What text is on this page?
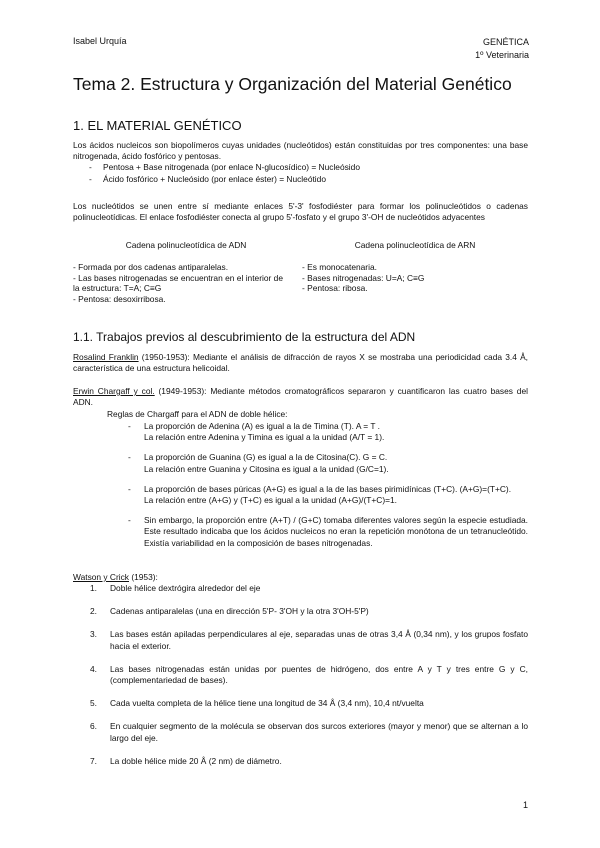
Isabel Urquía	GENÉTICA
1º Veterinaria
Tema 2. Estructura y Organización del Material Genético
1. EL MATERIAL GENÉTICO
Los ácidos nucleicos son biopolímeros cuyas unidades (nucleótidos) están constituidas por tres componentes: una base nitrogenada, ácido fosfórico y pentosas.
- Pentosa + Base nitrogenada (por enlace N-glucosídico) = Nucleósido
- Ácido fosfórico + Nucleósido (por enlace éster) = Nucleótido
Los nucleótidos se unen entre sí mediante enlaces 5'-3' fosfodiéster para formar los polinucleótidos o cadenas polinucleotídicas. El enlace fosfodiéster conecta al grupo 5'-fosfato y el grupo 3'-OH de nucleótidos adyacentes
Cadena polinucleotídica de ADN	Cadena polinucleotídica de ARN
- Formada por dos cadenas antiparalelas.
- Las bases nitrogenadas se encuentran en el interior de la estructura: T=A; C≡G
- Pentosa: desoxirribosa.
- Es monocatenaria.
- Bases nitrogenadas: U=A; C≡G
- Pentosa: ribosa.
1.1. Trabajos previos al descubrimiento de la estructura del ADN
Rosalind Franklin (1950-1953): Mediante el análisis de difracción de rayos X se mostraba una periodicidad cada 3.4 Å, característica de una estructura helicoidal.
Erwin Chargaff y col. (1949-1953): Mediante métodos cromatográficos separaron y cuantificaron las cuatro bases del ADN.
Reglas de Chargaff para el ADN de doble hélice:
- La proporción de Adenina (A) es igual a la de Timina (T). A = T .
La relación entre Adenina y Timina es igual a la unidad (A/T = 1).
- La proporción de Guanina (G) es igual a la de Citosina(C). G = C.
La relación entre Guanina y Citosina es igual a la unidad (G/C=1).
- La proporción de bases púricas (A+G) es igual a la de las bases pirimidínicas (T+C). (A+G)=(T+C).
La relación entre (A+G) y (T+C) es igual a la unidad (A+G)/(T+C)=1.
- Sin embargo, la proporción entre (A+T) / (G+C) tomaba diferentes valores según la especie estudiada. Este resultado indicaba que los ácidos nucleicos no eran la repetición monótona de un tetranucleótido. Existía variabilidad en la composición de bases nitrogenadas.
Watson y Crick (1953):
1. Doble hélice dextrógira alrededor del eje
2. Cadenas antiparalelas (una en dirección 5'P- 3'OH y la otra 3'OH-5'P)
3. Las bases están apiladas perpendiculares al eje, separadas unas de otras 3,4 Å (0,34 nm), y los grupos fosfato hacia el exterior.
4. Las bases nitrogenadas están unidas por puentes de hidrógeno, dos entre A y T y tres entre G y C, (complementariedad de bases).
5. Cada vuelta completa de la hélice tiene una longitud de 34 Å (3,4 nm), 10,4 nt/vuelta
6. En cualquier segmento de la molécula se observan dos surcos exteriores (mayor y menor) que se alternan a lo largo del eje.
7. La doble hélice mide 20 Å (2 nm) de diámetro.
1
